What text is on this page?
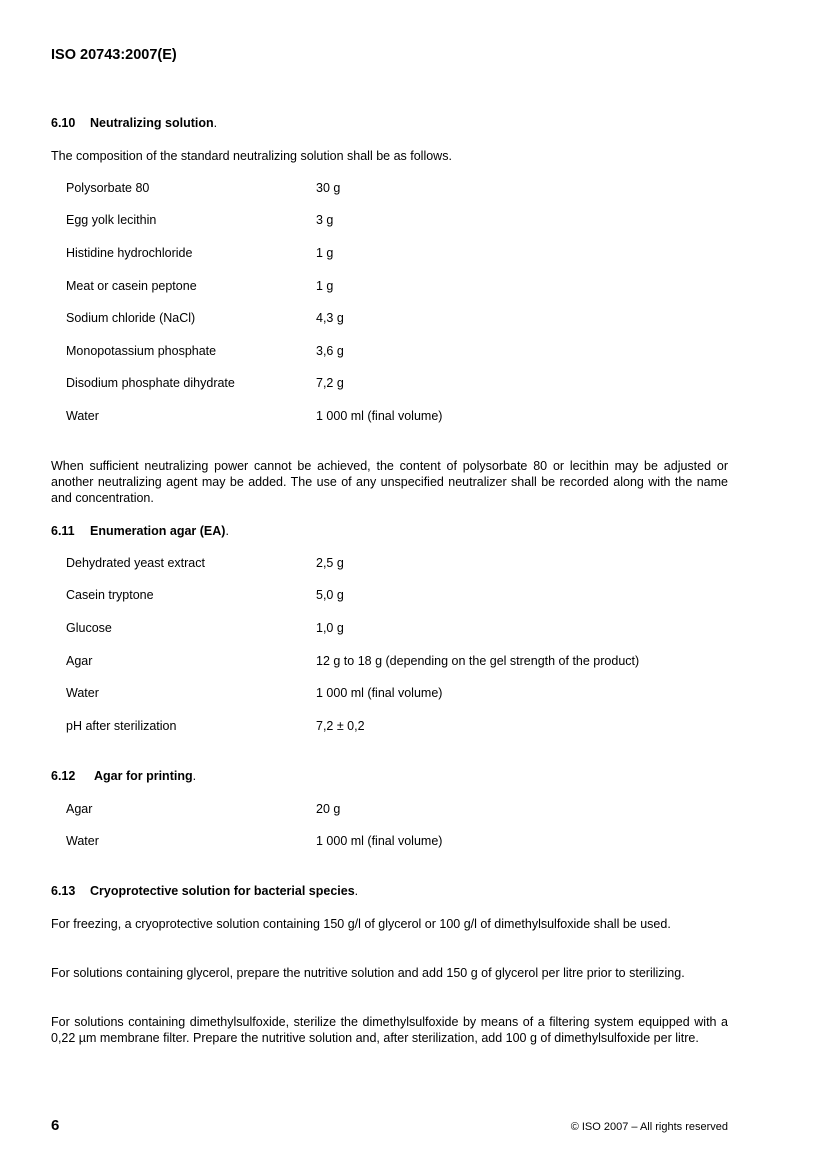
ISO 20743:2007(E)
6.10 Neutralizing solution.
The composition of the standard neutralizing solution shall be as follows.
Polysorbate 80	30 g
Egg yolk lecithin	3 g
Histidine hydrochloride	1 g
Meat or casein peptone	1 g
Sodium chloride (NaCl)	4,3 g
Monopotassium phosphate	3,6 g
Disodium phosphate dihydrate	7,2 g
Water	1 000 ml (final volume)
When sufficient neutralizing power cannot be achieved, the content of polysorbate 80 or lecithin may be adjusted or another neutralizing agent may be added. The use of any unspecified neutralizer shall be recorded along with the name and concentration.
6.11 Enumeration agar (EA).
Dehydrated yeast extract	2,5 g
Casein tryptone	5,0 g
Glucose	1,0 g
Agar	12 g to 18 g (depending on the gel strength of the product)
Water	1 000 ml (final volume)
pH after sterilization	7,2 ± 0,2
6.12 Agar for printing.
Agar	20 g
Water	1 000 ml (final volume)
6.13 Cryoprotective solution for bacterial species.
For freezing, a cryoprotective solution containing 150 g/l of glycerol or 100 g/l of dimethylsulfoxide shall be used.
For solutions containing glycerol, prepare the nutritive solution and add 150 g of glycerol per litre prior to sterilizing.
For solutions containing dimethylsulfoxide, sterilize the dimethylsulfoxide by means of a filtering system equipped with a 0,22 µm membrane filter. Prepare the nutritive solution and, after sterilization, add 100 g of dimethylsulfoxide per litre.
6	© ISO 2007 – All rights reserved
